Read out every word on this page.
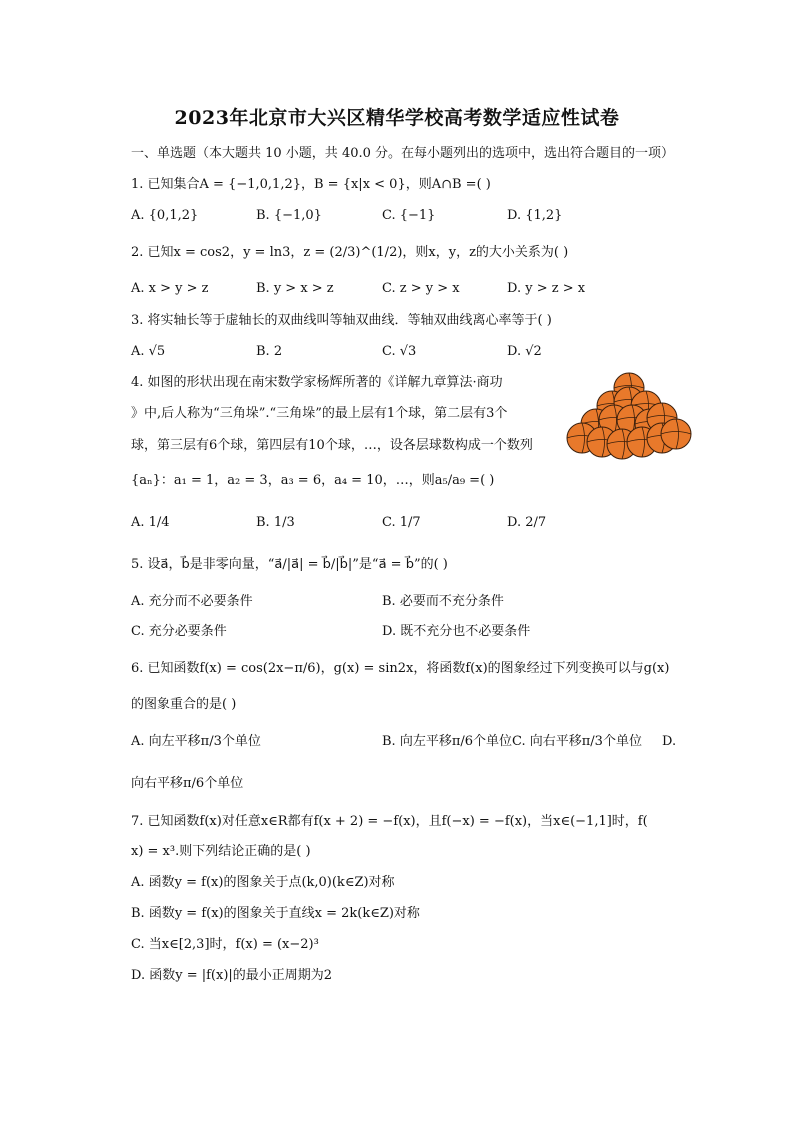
2023年北京市大兴区精华学校高考数学适应性试卷
一、单选题（本大题共 10 小题，共 40.0 分。在每小题列出的选项中，选出符合题目的一项）
1. 已知集合A = {−1,0,1,2}，B = {x|x < 0}，则A∩B =( )
A. {0,1,2}	B. {−1,0}	C. {−1}	D. {1,2}
2. 已知x = cos2，y = ln3，z = (2/3)^(1/2)，则x，y，z的大小关系为( )
A. x > y > z	B. y > x > z	C. z > y > x	D. y > z > x
3. 将实轴长等于虚轴长的双曲线叫等轴双曲线．等轴双曲线离心率等于( )
A. √5	B. 2	C. √3	D. √2
4. 如图的形状出现在南宋数学家杨辉所著的《详解九章算法·商功
》中,后人称为“三角垛”.“三角垛”的最上层有1个球，第二层有3个
球，第三层有6个球，第四层有10个球，…，设各层球数构成一个数列
{aₙ}：a₁ = 1，a₂ = 3，a₃ = 6，a₄ = 10，…，则a₅/a₉ =( )
A. 1/4	B. 1/3	C. 1/7	D. 2/7
5. 设a⃗，b⃗是非零向量，“a⃗/|a⃗| = b⃗/|b⃗|”是“a⃗ = b⃗”的( )
A. 充分而不必要条件	B. 必要而不充分条件
C. 充分必要条件	D. 既不充分也不必要条件
6. 已知函数f(x) = cos(2x−π/6)，g(x) = sin2x，将函数f(x)的图象经过下列变换可以与g(x)
的图象重合的是( )
A. 向左平移π/3个单位	B. 向左平移π/6个单位C. 向右平移π/3个单位 D.
向右平移π/6个单位
7. 已知函数f(x)对任意x∈R都有f(x + 2) = −f(x)，且f(−x) = −f(x)，当x∈(−1,1]时，f(
x) = x³.则下列结论正确的是( )
A. 函数y = f(x)的图象关于点(k,0)(k∈Z)对称
B. 函数y = f(x)的图象关于直线x = 2k(k∈Z)对称
C. 当x∈[2,3]时，f(x) = (x−2)³
D. 函数y = |f(x)|的最小正周期为2
